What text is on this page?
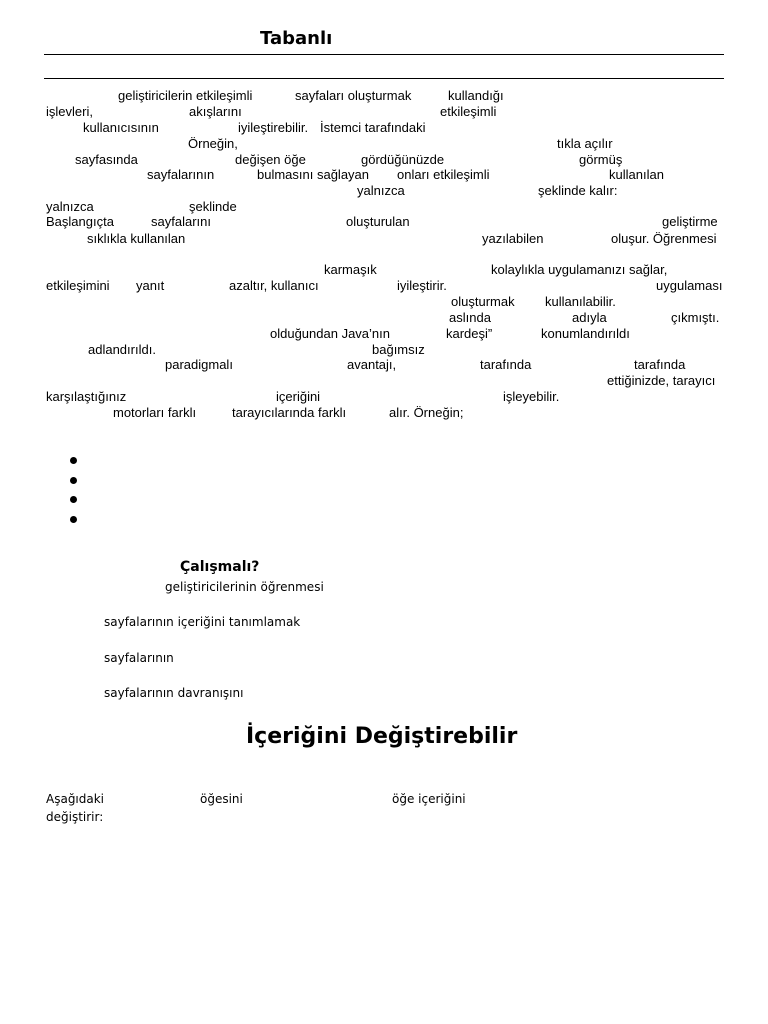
Tabanlı
geliştiricilerin etkileşimli	sayfaları oluşturmak	kullandığı
işlevleri,	akışlarını	etkileşimli
kullanıcısının	iyileştirebilir. İstemci tarafındaki
Örneğin,	tıkla açılır
sayfasında	değişen öğe	gördüğünüzde	görmüş
sayfalarının	bulmasını sağlayan onları etkileşimli	kullanılan
yalnızca
yalnızca
şeklinde kalır:
şeklinde
Başlangıçta	sayfalarını	oluşturulan	geliştirme
sıklıkla kullanılan	yazılabilen	oluşur. Öğrenmesi
karmaşık	kolaylıkla uygulamanızı sağlar,
etkileşimini yanıt	azaltır, kullanıcı	iyileştirir.	uygulaması
oluşturmak kullanılabilir.
aslında	adıyla	çıkmıştı.
olduğundan Java’nın	kardeşi”	konumlandırıldı
adlandırıldı.	bağımsız
paradigmalı	avantajı,	tarafında	tarafında
ettiğinizde, tarayıcı
karşılaştığınız	içeriğini	işleyebilir.
motorları farklı	tarayıcılarında farklı	alır. Örneğin;
Çalışmalı?
geliştiricilerinin öğrenmesi
sayfalarının içeriğini tanımlamak
sayfalarının
sayfalarının davranışını
İçeriğini Değiştirebilir
Aşağıdaki	öğesini	öğe içeriğini
değiştirir:
